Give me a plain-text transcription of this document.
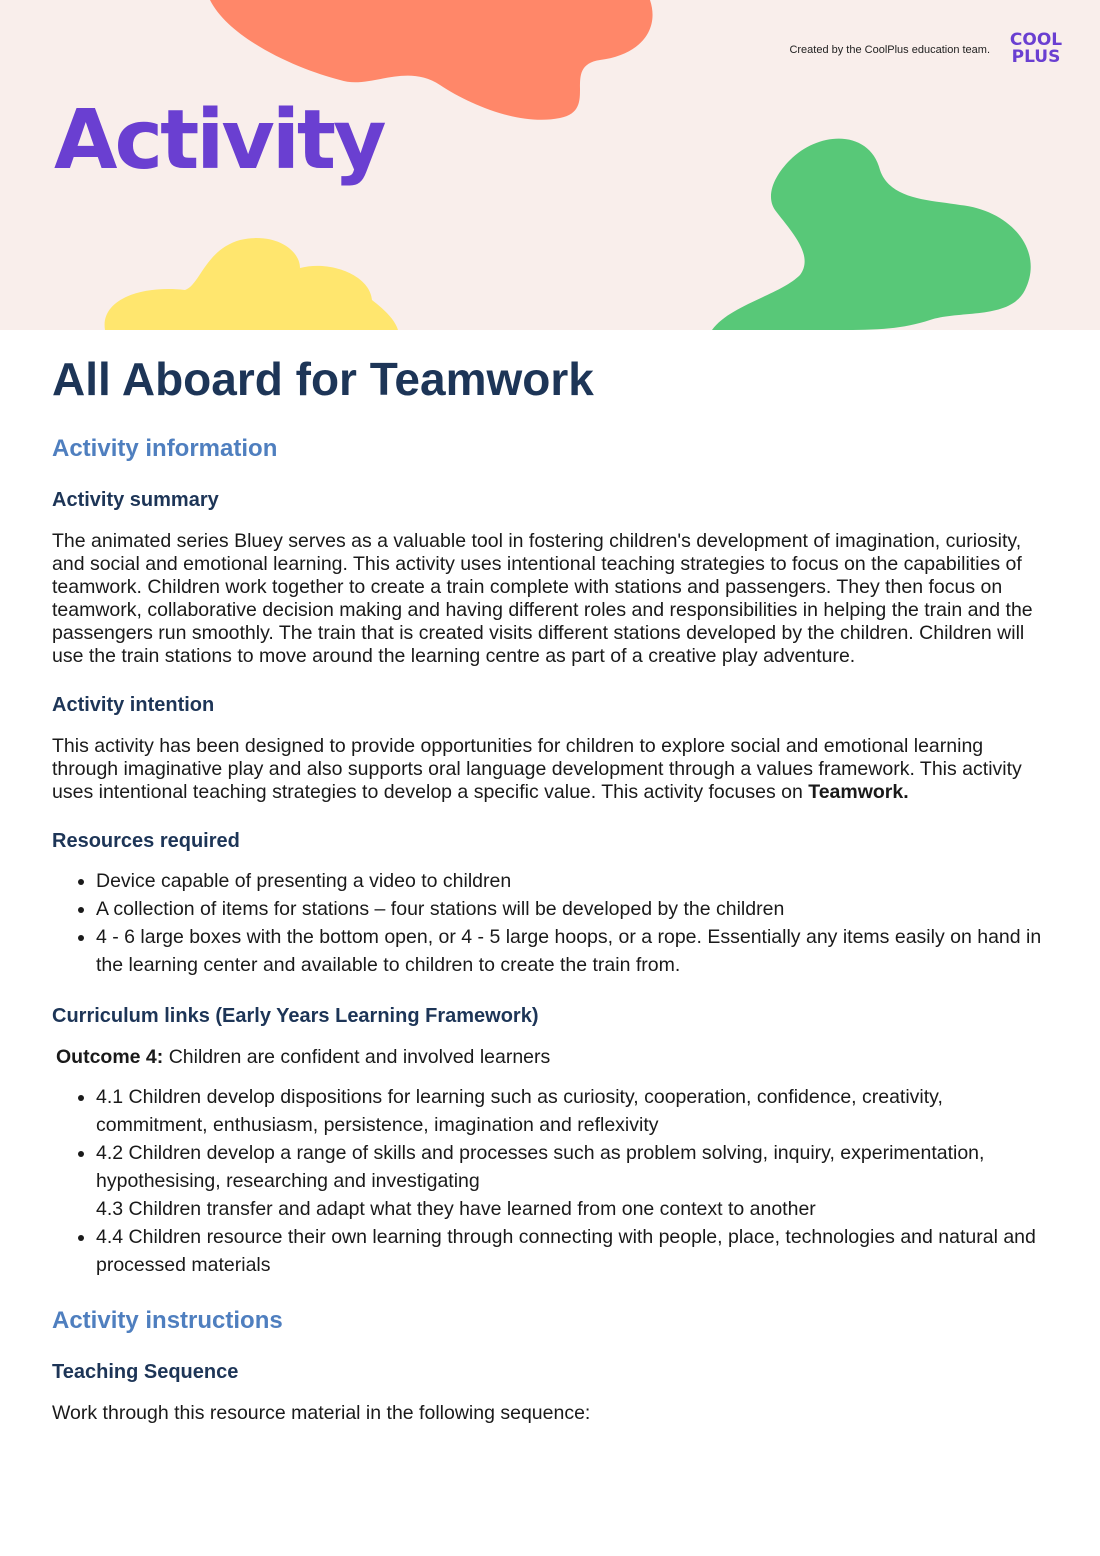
Created by the CoolPlus education team.	COOL
PLUS
Activity
All Aboard for Teamwork
Activity information
Activity summary

The animated series Bluey serves as a valuable tool in fostering children's development of imagination, curiosity, and social and emotional learning. This activity uses intentional teaching strategies to focus on the capabilities of teamwork. Children work together to create a train complete with stations and passengers. They then focus on teamwork, collaborative decision making and having different roles and responsibilities in helping the train and the passengers run smoothly. The train that is created visits different stations developed by the children. Children will use the train stations to move around the learning centre as part of a creative play adventure.

Activity intention

This activity has been designed to provide opportunities for children to explore social and emotional learning through imaginative play and also supports oral language development through a values framework. This activity uses intentional teaching strategies to develop a specific value. This activity focuses on Teamwork.

Resources required
• Device capable of presenting a video to children
• A collection of items for stations – four stations will be developed by the children
• 4 - 6 large boxes with the bottom open, or 4 - 5 large hoops, or a rope. Essentially any items easily on hand in the learning center and available to children to create the train from.
Curriculum links (Early Years Learning Framework)

Outcome 4: Children are confident and involved learners

• 4.1 Children develop dispositions for learning such as curiosity, cooperation, confidence, creativity, commitment, enthusiasm, persistence, imagination and reflexivity
• 4.2 Children develop a range of skills and processes such as problem solving, inquiry, experimentation, hypothesising, researching and investigating
4.3 Children transfer and adapt what they have learned from one context to another
• 4.4 Children resource their own learning through connecting with people, place, technologies and natural and processed materials
Activity instructions
Teaching Sequence

Work through this resource material in the following sequence:
